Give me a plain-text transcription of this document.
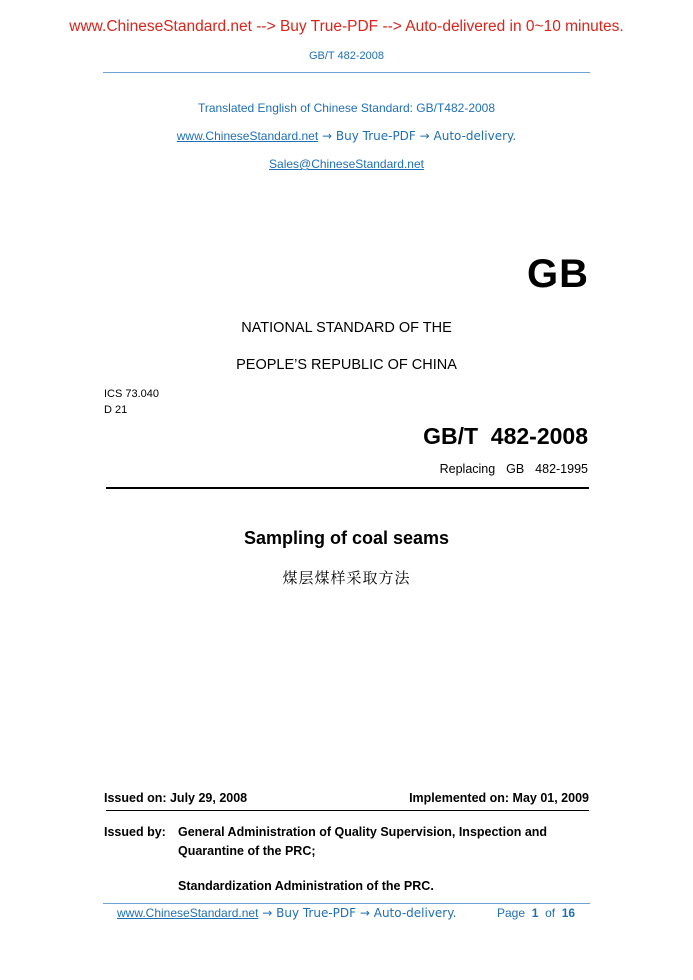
www.ChineseStandard.net --> Buy True-PDF --> Auto-delivered in 0~10 minutes.
GB/T 482-2008
Translated English of Chinese Standard: GB/T482-2008
www.ChineseStandard.net → Buy True-PDF → Auto-delivery.
Sales@ChineseStandard.net
GB
NATIONAL STANDARD OF THE
PEOPLE’S REPUBLIC OF CHINA
ICS 73.040
D 21
GB/T  482-2008
Replacing  GB  482-1995
Sampling of coal seams
煤层煤样采取方法
Issued on: July 29, 2008	Implemented on: May 01, 2009
Issued by: General Administration of Quality Supervision, Inspection and
Quarantine of the PRC;
Standardization Administration of the PRC.
www.ChineseStandard.net → Buy True-PDF → Auto-delivery.	Page 1 of 16
